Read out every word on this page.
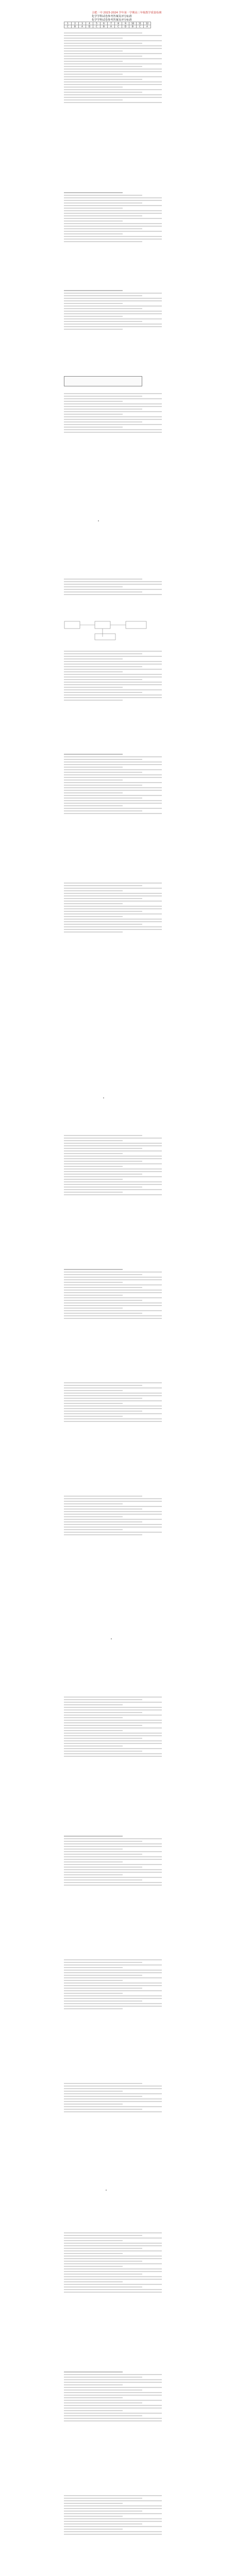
合肥一中 2023-2024 学年第一学期高三年级教学质量检测
化学学科试卷参考答案及评分标准
化学学科试卷参考答案及评分标准
1	2	3	4	5	6	7	8	9	10	11	12
C	B	A	D	C	B	A	C	D	B	C	A
